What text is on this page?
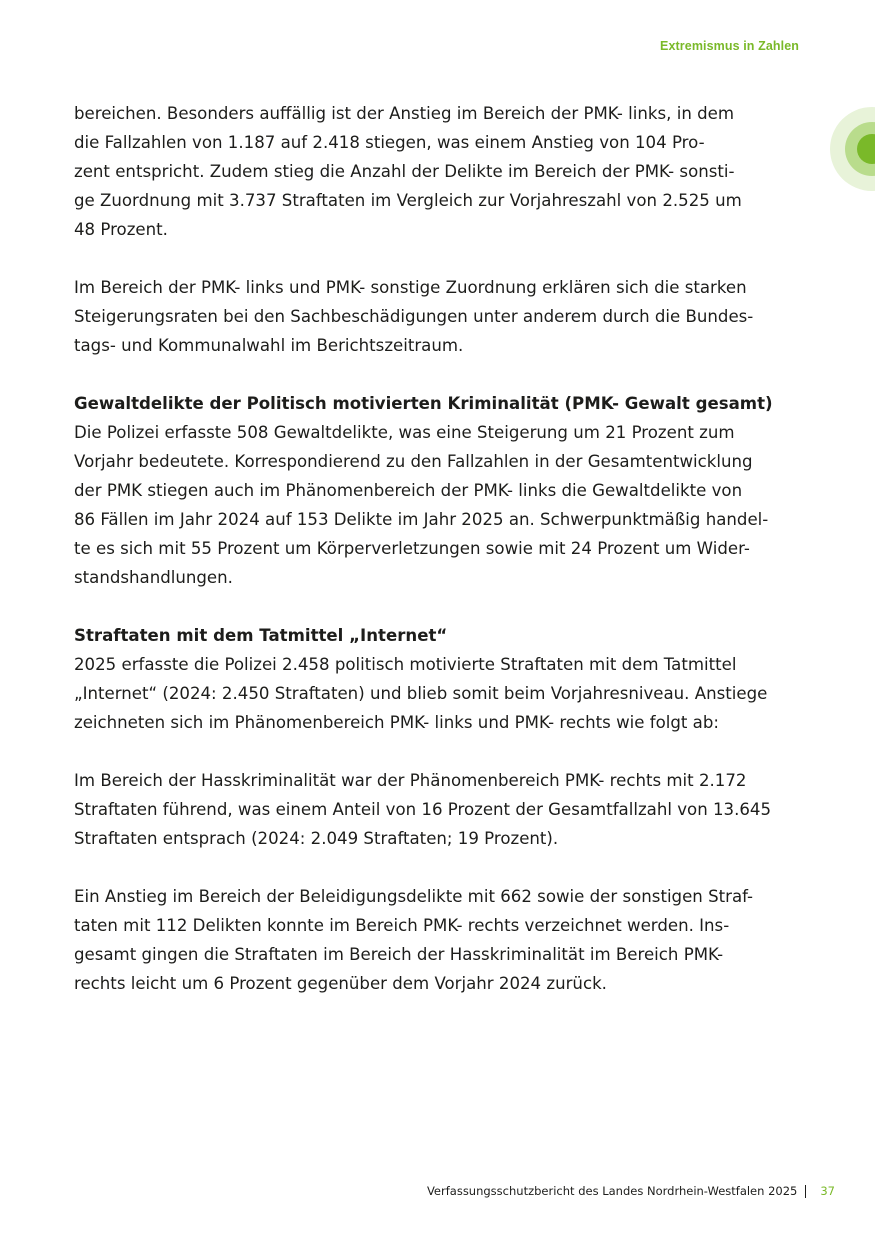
Extremismus in Zahlen

bereichen. Besonders auffällig ist der Anstieg im Bereich der PMK- links, in dem
die Fallzahlen von 1.187 auf 2.418 stiegen, was einem Anstieg von 104 Pro-
zent entspricht. Zudem stieg die Anzahl der Delikte im Bereich der PMK- sonsti-
ge Zuordnung mit 3.737 Straftaten im Vergleich zur Vorjahreszahl von 2.525 um
48 Prozent.

Im Bereich der PMK- links und PMK- sonstige Zuordnung erklären sich die starken
Steigerungsraten bei den Sachbeschädigungen unter anderem durch die Bundes-
tags- und Kommunalwahl im Berichtszeitraum.

Gewaltdelikte der Politisch motivierten Kriminalität (PMK- Gewalt gesamt)

Die Polizei erfasste 508 Gewaltdelikte, was eine Steigerung um 21 Prozent zum
Vorjahr bedeutete. Korrespondierend zu den Fallzahlen in der Gesamtentwicklung
der PMK stiegen auch im Phänomenbereich der PMK- links die Gewaltdelikte von
86 Fällen im Jahr 2024 auf 153 Delikte im Jahr 2025 an. Schwerpunktmäßig handel-
te es sich mit 55 Prozent um Körperverletzungen sowie mit 24 Prozent um Wider-
standshandlungen.

Straftaten mit dem Tatmittel „Internet“

2025 erfasste die Polizei 2.458 politisch motivierte Straftaten mit dem Tatmittel
„Internet“ (2024: 2.450 Straftaten) und blieb somit beim Vorjahresniveau. Anstiege
zeichneten sich im Phänomenbereich PMK- links und PMK- rechts wie folgt ab:

Im Bereich der Hasskriminalität war der Phänomenbereich PMK- rechts mit 2.172
Straftaten führend, was einem Anteil von 16 Prozent der Gesamtfallzahl von 13.645
Straftaten entsprach (2024: 2.049 Straftaten; 19 Prozent).

Ein Anstieg im Bereich der Beleidigungsdelikte mit 662 sowie der sonstigen Straf-
taten mit 112 Delikten konnte im Bereich PMK- rechts verzeichnet werden. Ins-
gesamt gingen die Straftaten im Bereich der Hasskriminalität im Bereich PMK-
rechts leicht um 6 Prozent gegenüber dem Vorjahr 2024 zurück.

Verfassungsschutzbericht des Landes Nordrhein-Westfalen 2025 37
